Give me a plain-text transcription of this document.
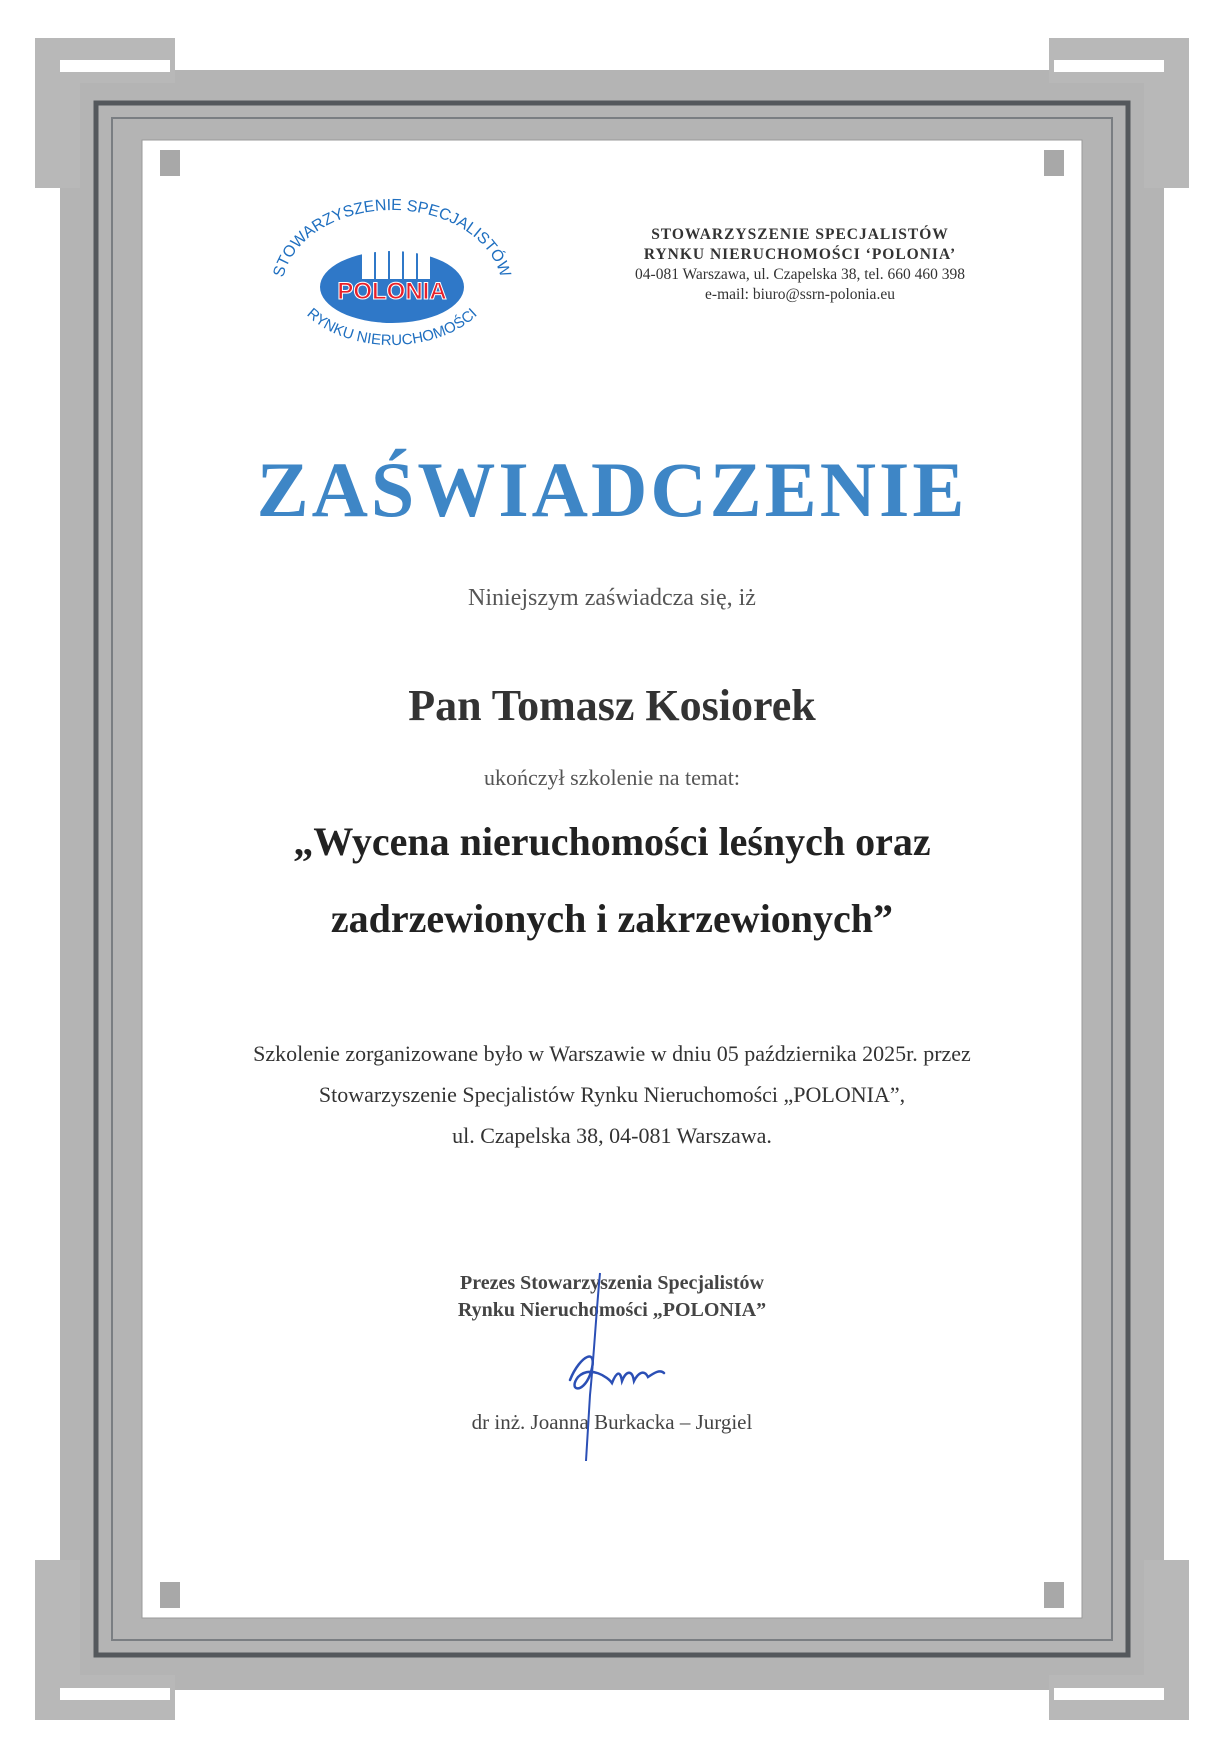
POLONIA
STOWARZYSZENIE SPECJALISTÓW
RYNKU NIERUCHOMOŚCI
STOWARZYSZENIE SPECJALISTÓW
RYNKU NIERUCHOMOŚCI ‘POLONIA’
04-081 Warszawa, ul. Czapelska 38, tel. 660 460 398
e-mail: biuro@ssrn-polonia.eu
ZAŚWIADCZENIE
Niniejszym zaświadcza się, iż
Pan Tomasz Kosiorek
ukończył szkolenie na temat:
„Wycena nieruchomości leśnych oraz
zadrzewionych i zakrzewionych”
Szkolenie zorganizowane było w Warszawie w dniu 05 października 2025r. przez
Stowarzyszenie Specjalistów Rynku Nieruchomości „POLONIA”,
ul. Czapelska 38, 04-081 Warszawa.
Prezes Stowarzyszenia Specjalistów
Rynku Nieruchomości „POLONIA”
dr inż. Joanna Burkacka – Jurgiel
